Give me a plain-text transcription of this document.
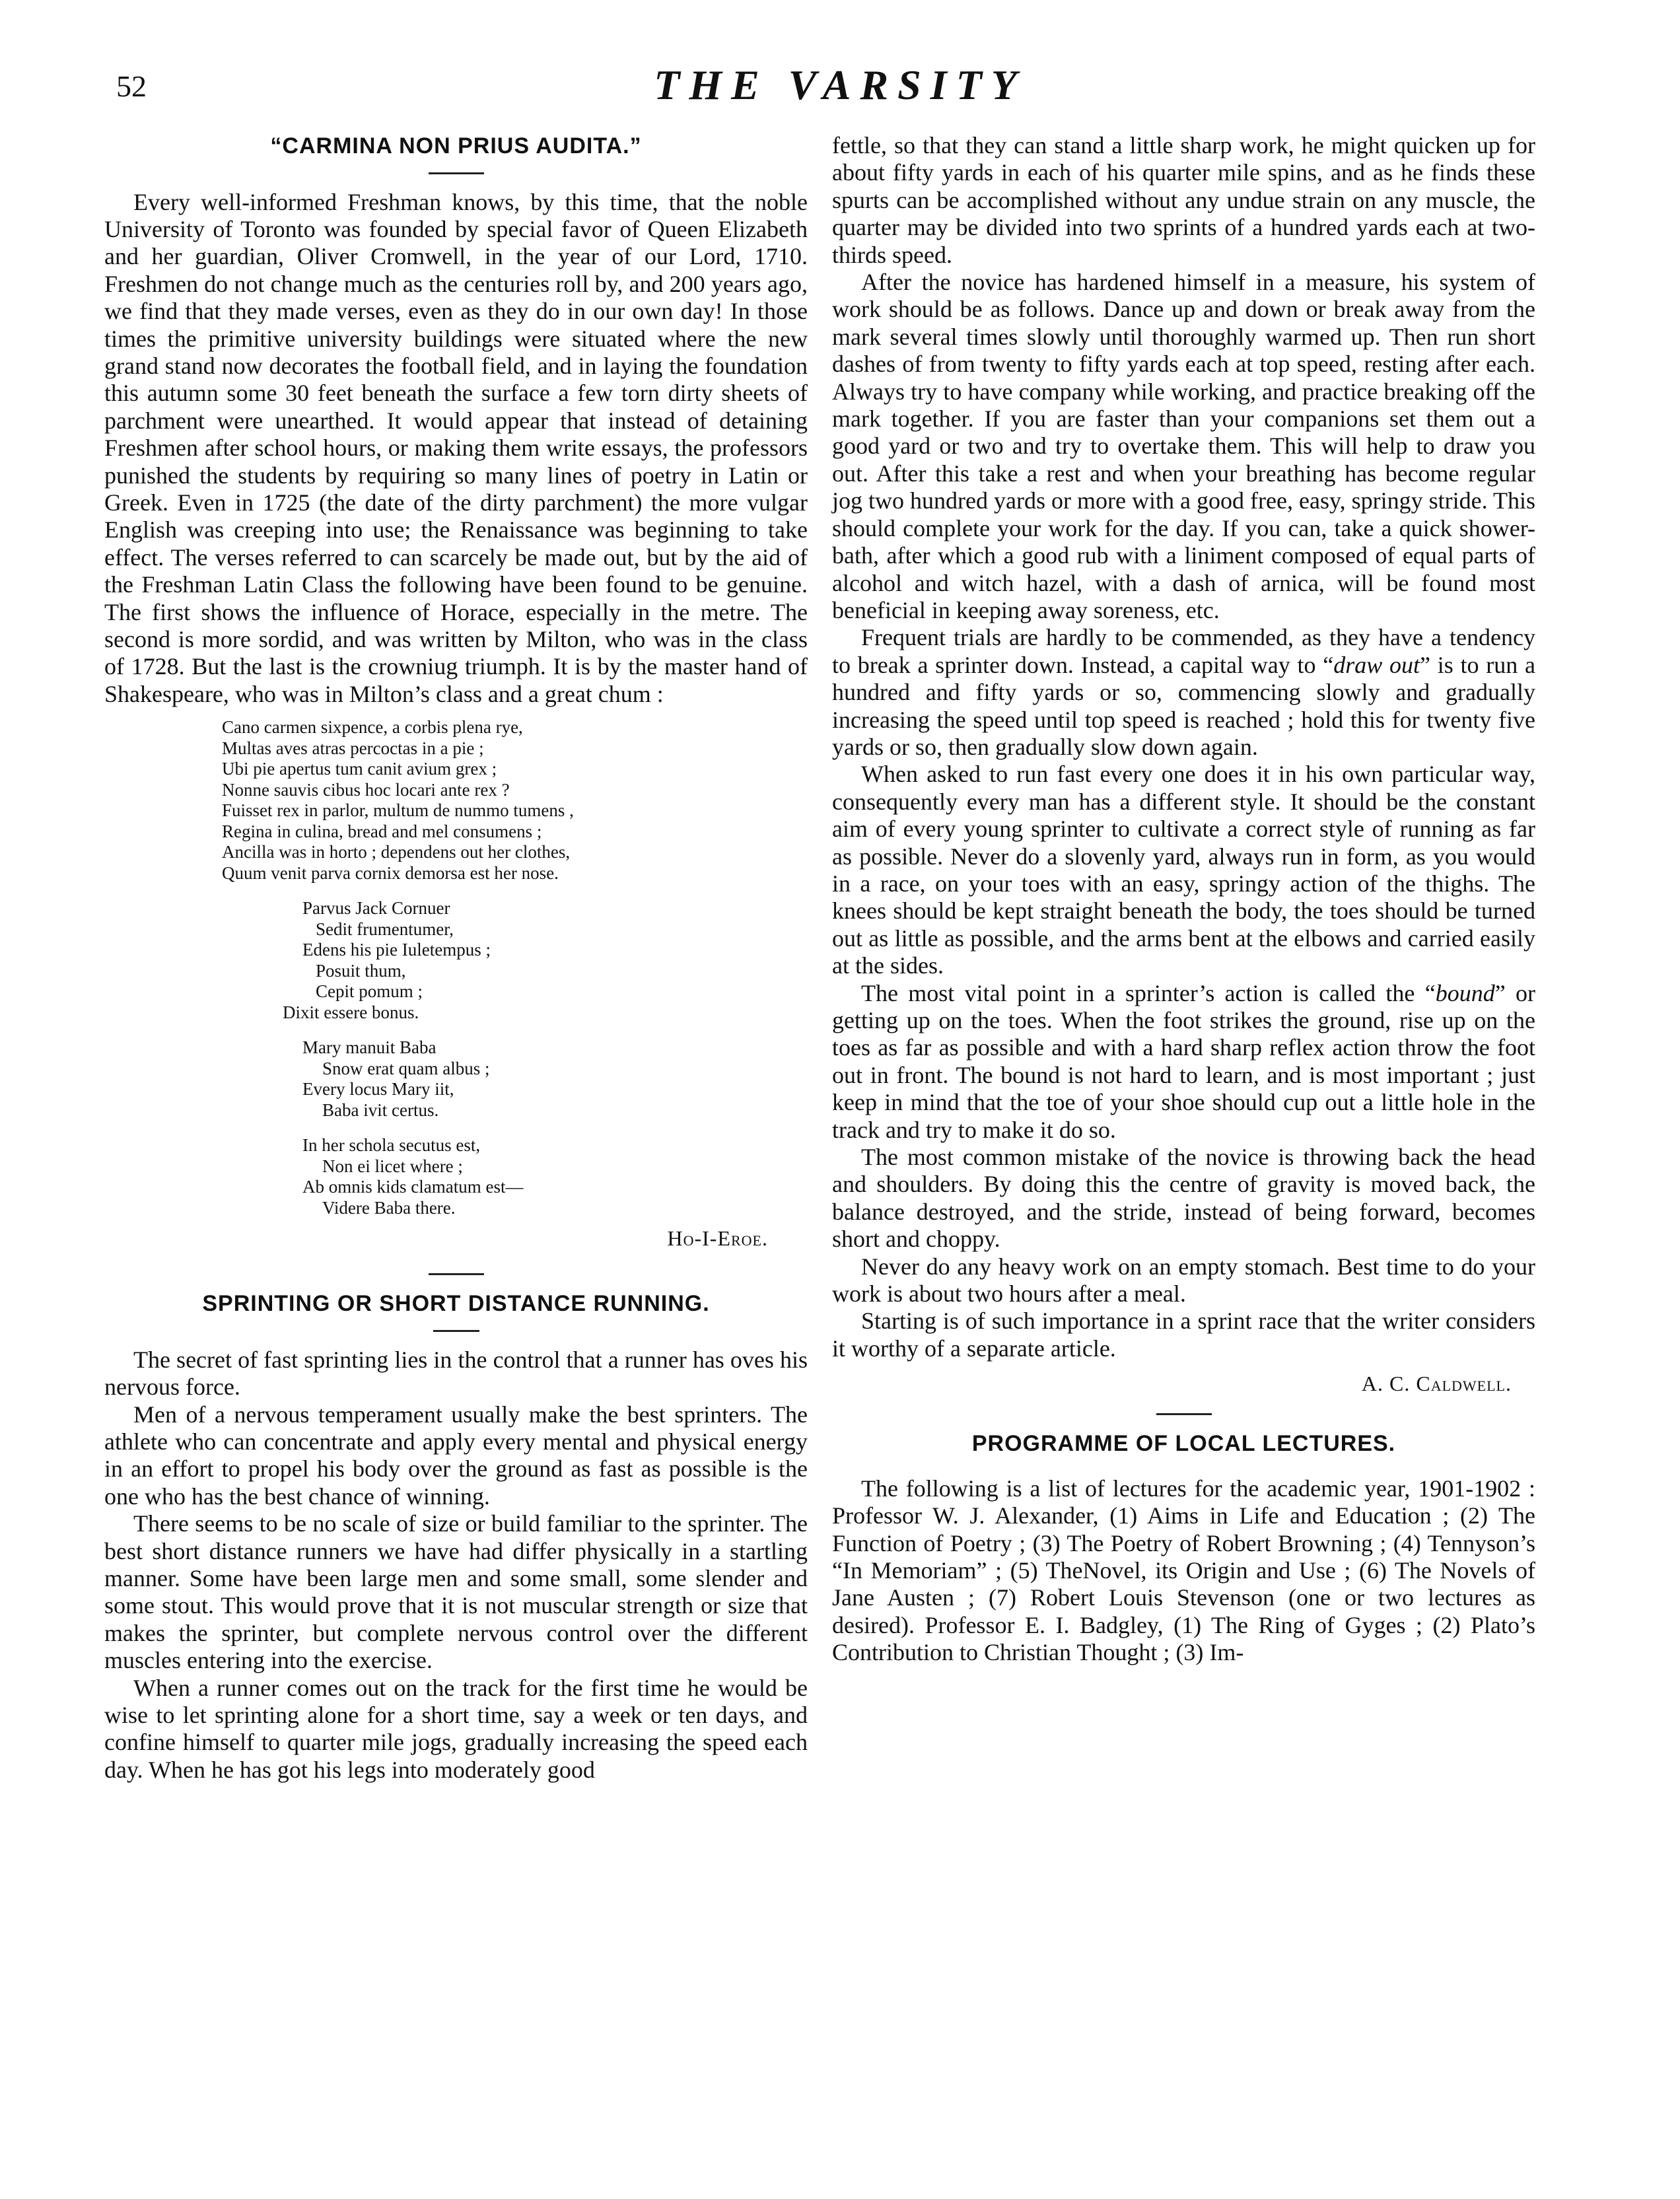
52	THE VARSITY
“CARMINA NON PRIUS AUDITA.”

Every well-informed Freshman knows, by this time, that the noble University of Toronto was founded by special favor of Queen Elizabeth and her guardian, Oliver Cromwell, in the year of our Lord, 1710. Freshmen do not change much as the centuries roll by, and 200 years ago, we find that they made verses, even as they do in our own day! In those times the primitive university buildings were situated where the new grand stand now decorates the football field, and in laying the foundation this autumn some 30 feet beneath the surface a few torn dirty sheets of parchment were unearthed. It would appear that instead of detaining Freshmen after school hours, or making them write essays, the professors punished the students by requiring so many lines of poetry in Latin or Greek. Even in 1725 (the date of the dirty parchment) the more vulgar English was creeping into use; the Renaissance was beginning to take effect. The verses referred to can scarcely be made out, but by the aid of the Freshman Latin Class the following have been found to be genuine. The first shows the influence of Horace, especially in the metre. The second is more sordid, and was written by Milton, who was in the class of 1728. But the last is the crowniug triumph. It is by the master hand of Shakespeare, who was in Milton’s class and a great chum :

Cano carmen sixpence, a corbis plena rye,
Multas aves atras percoctas in a pie ;
Ubi pie apertus tum canit avium grex ;
Nonne sauvis cibus hoc locari ante rex ?
Fuisset rex in parlor, multum de nummo tumens ,
Regina in culina, bread and mel consumens ;
Ancilla was in horto ; dependens out her clothes,
Quum venit parva cornix demorsa est her nose.
Parvus Jack Cornuer
Sedit frumentumer,
Edens his pie Iuletempus ;
Posuit thum,
Cepit pomum ;
Dixit essere bonus.
Mary manuit Baba
Snow erat quam albus ;
Every locus Mary iit,
Baba ivit certus.
In her schola secutus est,
Non ei licet where ;
Ab omnis kids clamatum est—
Videre Baba there.
Ho-I-Eroe.
SPRINTING OR SHORT DISTANCE RUNNING.

The secret of fast sprinting lies in the control that a runner has oves his nervous force.

Men of a nervous temperament usually make the best sprinters. The athlete who can concentrate and apply every mental and physical energy in an effort to propel his body over the ground as fast as possible is the one who has the best chance of winning.

There seems to be no scale of size or build familiar to the sprinter. The best short distance runners we have had differ physically in a startling manner. Some have been large men and some small, some slender and some stout. This would prove that it is not muscular strength or size that makes the sprinter, but complete nervous control over the different muscles entering into the exercise.

When a runner comes out on the track for the first time he would be wise to let sprinting alone for a short time, say a week or ten days, and confine himself to quarter mile jogs, gradually increasing the speed each day. When he has got his legs into moderately good

fettle, so that they can stand a little sharp work, he might quicken up for about fifty yards in each of his quarter mile spins, and as he finds these spurts can be accomplished without any undue strain on any muscle, the quarter may be divided into two sprints of a hundred yards each at two-thirds speed.

After the novice has hardened himself in a measure, his system of work should be as follows. Dance up and down or break away from the mark several times slowly until thoroughly warmed up. Then run short dashes of from twenty to fifty yards each at top speed, resting after each. Always try to have company while working, and practice breaking off the mark together. If you are faster than your companions set them out a good yard or two and try to overtake them. This will help to draw you out. After this take a rest and when your breathing has become regular jog two hundred yards or more with a good free, easy, springy stride. This should complete your work for the day. If you can, take a quick shower-bath, after which a good rub with a liniment composed of equal parts of alcohol and witch hazel, with a dash of arnica, will be found most beneficial in keeping away soreness, etc.

Frequent trials are hardly to be commended, as they have a tendency to break a sprinter down. Instead, a capital way to “draw out” is to run a hundred and fifty yards or so, commencing slowly and gradually increasing the speed until top speed is reached ; hold this for twenty five yards or so, then gradually slow down again.

When asked to run fast every one does it in his own particular way, consequently every man has a different style. It should be the constant aim of every young sprinter to cultivate a correct style of running as far as possible. Never do a slovenly yard, always run in form, as you would in a race, on your toes with an easy, springy action of the thighs. The knees should be kept straight beneath the body, the toes should be turned out as little as possible, and the arms bent at the elbows and carried easily at the sides.

The most vital point in a sprinter’s action is called the “bound” or getting up on the toes. When the foot strikes the ground, rise up on the toes as far as possible and with a hard sharp reflex action throw the foot out in front. The bound is not hard to learn, and is most important ; just keep in mind that the toe of your shoe should cup out a little hole in the track and try to make it do so.

The most common mistake of the novice is throwing back the head and shoulders. By doing this the centre of gravity is moved back, the balance destroyed, and the stride, instead of being forward, becomes short and choppy.

Never do any heavy work on an empty stomach. Best time to do your work is about two hours after a meal.

Starting is of such importance in a sprint race that the writer considers it worthy of a separate article.

A. C. Caldwell.
PROGRAMME OF LOCAL LECTURES.

The following is a list of lectures for the academic year, 1901-1902 : Professor W. J. Alexander, (1) Aims in Life and Education ; (2) The Function of Poetry ; (3) The Poetry of Robert Browning ; (4) Tennyson’s “In Memoriam” ; (5) TheNovel, its Origin and Use ; (6) The Novels of Jane Austen ; (7) Robert Louis Stevenson (one or two lectures as desired). Professor E. I. Badgley, (1) The Ring of Gyges ; (2) Plato’s Contribution to Christian Thought ; (3) Im-
